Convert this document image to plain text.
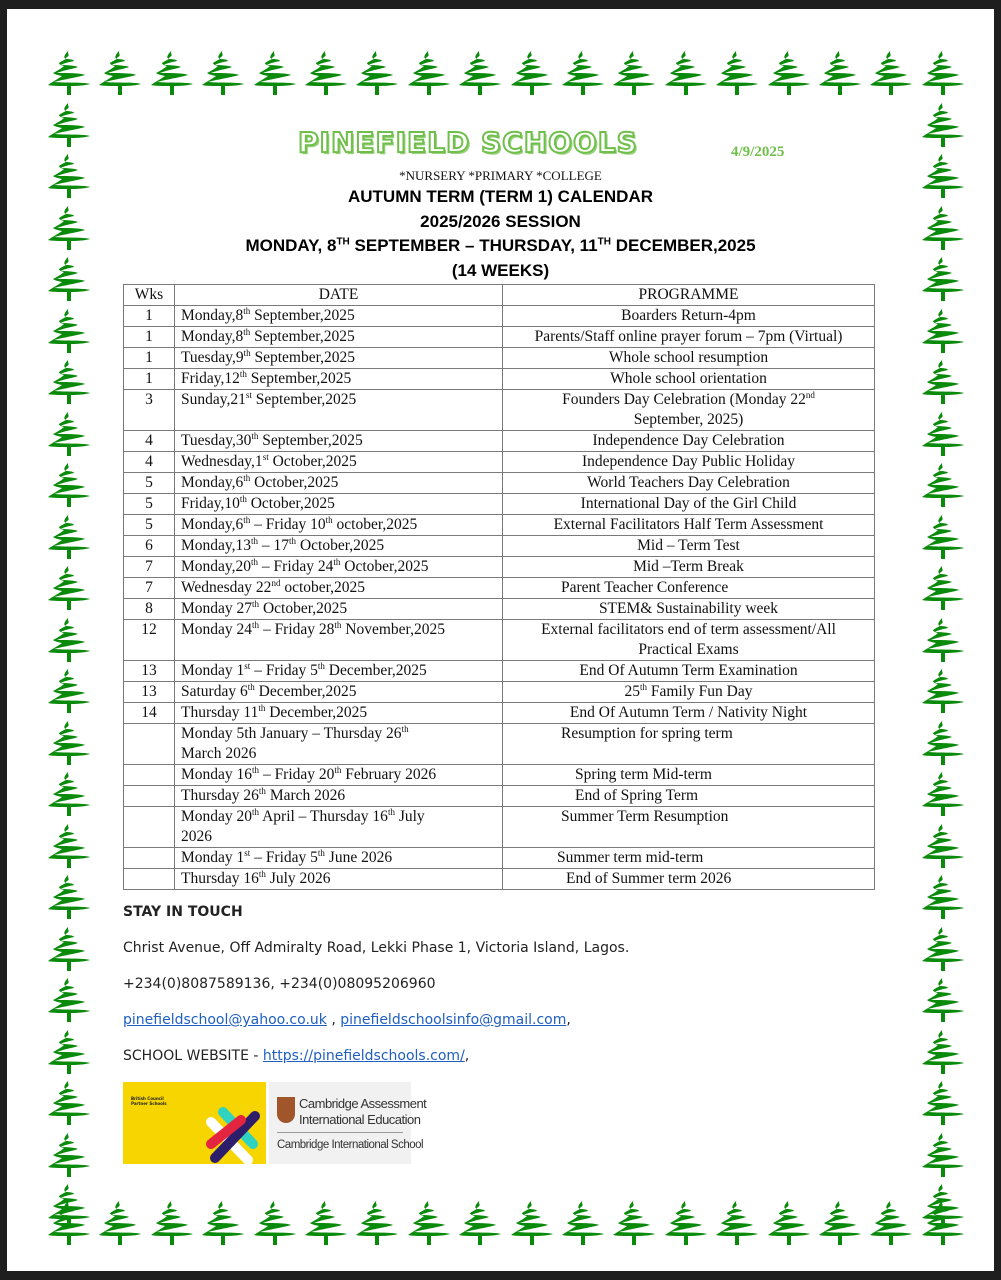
PINEFIELD SCHOOLS	4/9/2025
*NURSERY *PRIMARY *COLLEGE
AUTUMN TERM (TERM 1) CALENDAR
2025/2026 SESSION
MONDAY, 8TH SEPTEMBER – THURSDAY, 11TH DECEMBER,2025
(14 WEEKS)
Wks	DATE	PROGRAMME
1	Monday,8th September,2025	Boarders Return-4pm
1	Monday,8th September,2025	Parents/Staff online prayer forum – 7pm (Virtual)
1	Tuesday,9th September,2025	Whole school resumption
1	Friday,12th September,2025	Whole school orientation
3	Sunday,21st September,2025	Founders Day Celebration (Monday 22nd
September, 2025)
4	Tuesday,30th September,2025	Independence Day Celebration
4	Wednesday,1st October,2025	Independence Day Public Holiday
5	Monday,6th October,2025	World Teachers Day Celebration
5	Friday,10th October,2025	International Day of the Girl Child
5	Monday,6th – Friday 10th october,2025	External Facilitators Half Term Assessment
6	Monday,13th – 17th October,2025	Mid – Term Test
7	Monday,20th – Friday 24th October,2025	Mid –Term Break
7	Wednesday 22nd october,2025	Parent Teacher Conference
8	Monday 27th October,2025	STEM& Sustainability week
12	Monday 24th – Friday 28th November,2025	External facilitators end of term assessment/All
Practical Exams
13	Monday 1st – Friday 5th December,2025	End Of Autumn Term Examination
13	Saturday 6th December,2025	25th Family Fun Day
14	Thursday 11th December,2025	End Of Autumn Term / Nativity Night
	Monday 5th January – Thursday 26th
March 2026	Resumption for spring term
	Monday 16th – Friday 20th February 2026	Spring term Mid-term
	Thursday 26th March 2026	End of Spring Term
	Monday 20th April – Thursday 16th July
2026	Summer Term Resumption
	Monday 1st – Friday 5th June 2026	Summer term mid-term
	Thursday 16th July 2026	End of Summer term 2026
STAY IN TOUCH
Christ Avenue, Off Admiralty Road, Lekki Phase 1, Victoria Island, Lagos.
+234(0)8087589136, +234(0)08095206960
pinefieldschool@yahoo.co.uk , pinefieldschoolsinfo@gmail.com,
SCHOOL WEBSITE - https://pinefieldschools.com/,
British Council Partner Schools	Cambridge Assessment
International Education
Cambridge International School
